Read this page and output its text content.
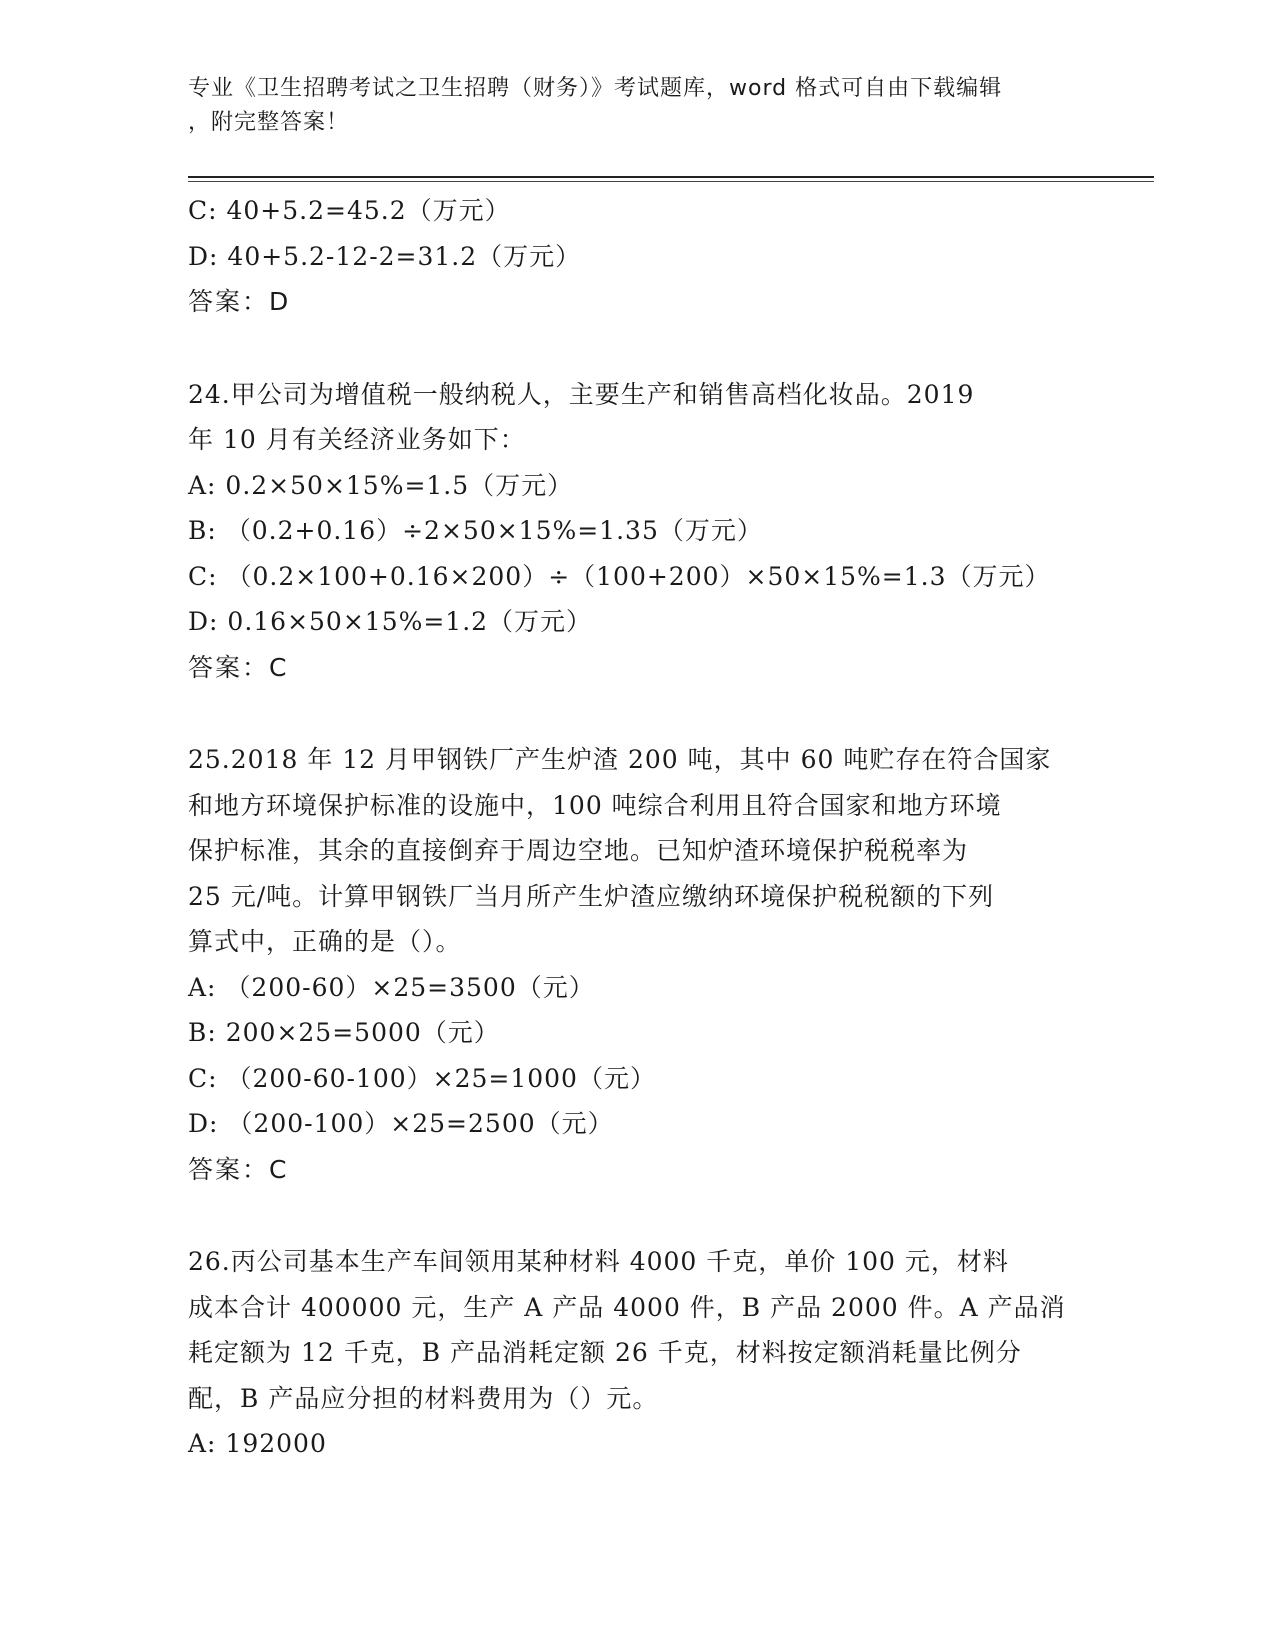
专业《卫生招聘考试之卫生招聘（财务）》考试题库，word 格式可自由下载编辑
，附完整答案！
C: 40+5.2=45.2（万元）
D: 40+5.2-12-2=31.2（万元）
答案：D
24.甲公司为增值税一般纳税人，主要生产和销售高档化妆品。2019
年 10 月有关经济业务如下：
A: 0.2×50×15%=1.5（万元）
B: （0.2+0.16）÷2×50×15%=1.35（万元）
C: （0.2×100+0.16×200）÷（100+200）×50×15%=1.3（万元）
D: 0.16×50×15%=1.2（万元）
答案：C
25.2018 年 12 月甲钢铁厂产生炉渣 200 吨，其中 60 吨贮存在符合国家
和地方环境保护标准的设施中，100 吨综合利用且符合国家和地方环境
保护标准，其余的直接倒弃于周边空地。已知炉渣环境保护税税率为
25 元/吨。计算甲钢铁厂当月所产生炉渣应缴纳环境保护税税额的下列
算式中，正确的是（）。
A: （200-60）×25=3500（元）
B: 200×25=5000（元）
C: （200-60-100）×25=1000（元）
D: （200-100）×25=2500（元）
答案：C
26.丙公司基本生产车间领用某种材料 4000 千克，单价 100 元，材料
成本合计 400000 元，生产 A 产品 4000 件，B 产品 2000 件。A 产品消
耗定额为 12 千克，B 产品消耗定额 26 千克，材料按定额消耗量比例分
配，B 产品应分担的材料费用为（）元。
A: 192000
